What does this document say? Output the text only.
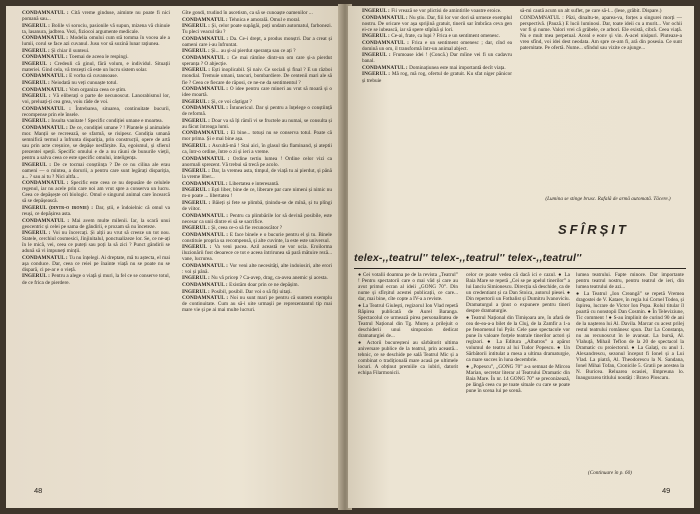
CONDAMNATUL : Cită vreme ginduse, aiminte nu poate fi nici pomană sau...

INGERUL : Bolile vi sorociu, pasionile vă supun, mizena vă chinuie ta, lasanura, jadbrea. Vezi, fiziocoi argumente medicale.

CONDAMNATUL : Modelia omului cum stă tomma în vocea ale a lumii, corul se face azi cuvanul. Jusu vor să sozină lunar rațiunea.

INGERUL : Și chiar il sunteui.

CONDAMNATUL : Toemai de aceea le respingi.

INGERUL : Credeuli că ginul, fără volum, e individul. Situații materiei. Gind cela, vă trezești că este un lucru sistem solar.

CONDAMNATUL : E vorba că cuvansoase.

INGERUL : Neiodată nu veți cunoaște totul.

CONDAMNATUL : Vom organiza ceea ce știm.

INGERUL : Vă eliberați o parte de necunoscut. Lanorabismul lor, voi, preluați-ți cea grea, voiu răde de voi.

CONDAMNATUL : Întrebarea, situarea, continuitate bucurii, recompense prin ele însele.

INGERUL : Insulta vanitate ! Specific condiției umane e moartea.

CONDAMNATUL : De ce, condiției umane ? ! Plantele și animalele mor. Manții se recreează, se sfarmă, se risipesc. Condiția umană semnifică termul a înfrunta dispariția, prin construcții, opere de artă sau prin acte creșnice, se depășe nesfârșite. Ea, egoismul, și sfierul prezentei speții. Specific omului e de a nu răuni de bunurile vieții, pentru a salva ceea ce este specific omului, inteligența.

INGERUL : De ce tocmai conștiința ? De ce nu cilina ale erau oameni — o mintea, a dorurii, a pentru care sunt legărați dispariția, a... ? sau ai tu ? Nici altfa...

CONDAMNATUL : Specific este ceea ce nu depusăre de celulele regenul, iar nu acele prin care noi am vrut spre a conserva un lucru. Ceea ce depășește ori biologic. Omul e singurul animal care încearcă să se depășească.

INGERUL (dintr-o ironie) : Dar, știi, e îndoielnic că omul va reuși, ce depășirea asta.

CONDAMNATUL : Mai avem multe milenii. Iar, la scară unui geocentric și celei pe sama de gândirii, e prozam să nu înceteze.

INGERUL : Voi nu încercați. Și alții au vrut să creeze un tot nou. Statele, cerchiul cosmesici, Jinjinitalul, ponctualizeze lor. Se, ce ne-ați în le mică, vei, ceea ce puteți sau poți la să zici ? Punct gândirii se adună să vi impuneți minții.

CONDAMNATUL : Tu nu înțelegi. Ai dreptate, mă tu aștecta, el mai așa conduce. Dar, ceea ce reiei pe înainte viață nu se poate nu se dispară, ci pe-ar e o vieță.

INGERUL : Pentru a alege o viață și muri, la fel ce se conserve totul, de ce frica de pierdere.

Gîte gondi, trudind în ascetism, ca să se cunoaște oamenilor ...

CONDAMNATUL : Tehnica e amorală. Omul e moral.

INGERUL : Și, celor poate supăgăi, poți undam automatul, farbonezi. Tu pleci veacul tău ?

CONDAMNATUL : Da. Ce-i drept, a produs monștri. Dar a creat și oameni care i-au înfruntat.

INGERUL : Și... au și-ai pierdut speranța sau ce ați ?

CONDAMNATUL : Ce mai rămîne dintr-un om care și-a pierdut speranța ? O abjecție.

INGERUL : Ești inoplicabil. Și naiv. Ce sociali și final ? E un război mondial. Tremuie umani, tancuri, bombardiere. De centenii mari ale să fie ? Ceea ce fiecare de răposi, ce ne-ne da sentimentul ?

CONDAMNATUL : O idee pentru care mineri au vrut să moară și o idee moartă.

INGERUL : Și, ce voi câștigat ?

CONDAMNATUL : Întunericul. Dar și pentru a înțelege o conștiință de reformă.

INGERUL : Doar va să îți rămîi vi se fructele au numai, se consulta și au făcut întreaga lumi.

CONDAMNATUL : Ei bine... totuși nu se conserva totul. Poate că mor prima. Și e mai bine așa.

INGERUL : Ascultă-mă ! Stai aici, în glasul tău flaminand, și ateptii ca, într-o ordine, între o zi și ieri a vreme.

CONDAMNATUL : Ordine tertiu lumea ! Ordine celor vizi ca anormali sprezent. Vă trebui să trecă pe acolo.

INGERUL : Dar, la vremea asta, timpul, de viață tu ai pierdut, și până la vreme liber...

CONDAMNATUL : Libertatea e interesantă.

INGERUL : Ești liber, bine de ce, liberare par care nimeni și nimic nu m-o poate ... libertatea !

INGERUL : Băieți și fete se plimbă, ținindu-se de mînă, și tu plîngi de viitor.

CONDAMNATUL : Pentru ca plimbările lor să devină posibile, este necesar ca unii dintre ei să se sacrifice.

INGERUL : Și, ceea ce-o să fie recunoscător ?

CONDAMNATUL : E face binele e o bucurie pentru el și tu. Binele constituie propria sa recompensă, și alte cuvinte, la este este universul.

INGERUL : Va veni pacea. Azil această ne vor ucia. Eroilorma iluzionării fost deoarece ce tot e aceea întrirunea să pară mătuire reză... vane, lucrurea.

CONDAMNATUL : Vor veni alte necesități, alte indoiosiri, alte erori : voi și până.

INGERUL : Nu vă pricep ? Ca-avep, drag, ca-avea anemic și acesta.

CONDAMNATUL : Existăm doar prin ce ne depășim.

INGERUL : Posibil, posibil. Dar voi o să fiți uitați.

CONDAMNATUL : Noi nu sunt mari pe pentru că suntem exemplu de continuitate. Cum au să-i uite urmașii pe reprezentantul tip mai mare vie și pe ai mai multe lucruri.

48

INGERUL : Fii vrează se vor plictisi de amintirile voastre eroice.

CONDAMNATUL : Nu știu. Dar, fiii lor vor dori să urmeze exemplul nostru. De oricare vor așa sprijină gratuit, tinerii sar îmbrăca ceva gen ei-ce se iubească, iar să spere stîpînă și lori.

INGERUL : Ce-ai, frate, ca lupi ? Frica e un sentiment omenesc.

CONDAMNATUL : Frica e un sentiment omenesc ; dar, cînd ea domină un om, il transformă într-un animal abject.

INGERUL : Frumoase idei ! (Concă.) Dar mîine vei fi un cadavru banal.

CONDAMNATUL : Dominațiunea este mai importantă decît viața.

INGERUL : Mă rog, mă rog, ofertul de gratuit. Ku sfat niger pănicor și trebuie

să-mi caută acum un alt suflet, pe care să-l... (Iese, grăbit. Dispare.)

CONDAMNATUL : Păzi, dinaltu-te, aparea-va, forțes a singurei morți — perspectivă. (Pauză.) E lucii luminosi. Dar, toate ideii cu a murit... Vor ochii vor fi și nume. Valori vrei că grăbele, ce arbori. Ele există, cibră. Ceea viață. Nu e mult mea perpetual. Aceal e eonv și vin. A-acel nisipuri. Pluteaze-a vreo sfînd, voi idei dest neodata. Am spre ce-am fi, ară din posesia. Ce sunt paternitate. Pe ofertă. Nume... sfîndul sau vizite ce ajunge...

(Lumina se stinge brusc. Rafală de armă automată. Tăcere.)
SFÎRȘIT
telex-,,teatrul'' telex-,,teatrul'' telex-,,teatrul''

● Cei votalii doamna pe de la revista „Teatrul” ! Pentru spectatorii care o mai văd și care au avut primul ecran al ideii „GONG 70”. Din nume și sfîrșitul acestei publicații, ce care... dar, mai bine, cîte copte a IV-a a reviste.

● La Teatrul Giuleşti, regizorul Ion Vlad repetă Răpirea publicată de Aurel Baranga. Spectacolul ce urmează pirea personalitatea de Teatrul Național din Tg. Mureș a prilejuit o deschiderii unui simpozion dedicat dramaturgiei de...

● Actorii bucureșteni au sărbătorit ultima aniversare publice de la teatrul, prin această... tehnic, ce se deschide pe sală Teatrul Mic și a combinat o tradițională mare acasă pe ultimele locuri. A obținut premiile ca iubiri, datorit echipa Filarmonicii.

celor ce poate vedea că dacă ici e cazul. ● La Baia Mare se repetă „Cei se pe apelul tinerilor” a lui Ianciu Simionescu. Direcția să deschide, ca de un credentiant și ca Dan Stoica, autorul piesei. ● Din repertorii un Fotbalist și Dumitru Ivanoviciu. Dramaturgul a ţinut o expunere pentru tineri despre dramaturgie.

● Teatrul Național din Timișoara are, în afară de cea de-ea-a-a bilet de la Cluj, de la Zamfir a 1-a pe fenomenul lui Pyăr. Cele șase spectacole vor pune în valoare forțele teatrale tinerilor actori și regizori. ● La Editura „Albatros” a apărut volumul de teatru al lui Tudor Popescu. ● Un Sărbătorii intitulat a mesa a ultima dramaturgie, ca mare succes în luna decembrie.

● „Popescu”, „GONG 70” a-a semnat de Mircea Marian, secretar literar al Teatrului Dramatic din Baia Mare. În nr. 14 GONG 70” se preconizează, pe lângă ceea cu pe toate situale cu care se poate pune în scena lui pe scenă.

lumea teatrului. Fapte minore. Dar importante pentru teatrul nostru, pentru teatrul de ieri, din lumea teatrului de azi...

● La Teatrul „Ion Creangă” se repetă Vremea dragostei de V. Kataev, în regia lui Cornel Todea, și Ispirea, lucrare de Victor Ion Popa. Rolul titular îl poartă cu nonstopii Dan Cosmin. ● În Televiziune, Tic comment ! ● S-au împlinit de curind 90 de ani de la nașterea lui Al. Davila. Marcar cu acest prilej restul teatrului românesc spun. Dar La Constanța, nu au recunoscut în le avansat. La bursă, Al. Vlahuță, Mihail Teflon de la 20 de spectacol la Dramatic cu proiectorul. ● La Galați, cu anul 1. Alexandrescu, sezonul început fi Ionel și a Lui Vlad. La piatră, Al. Theodorescu la N. Sandana, Ionel Mihai Tofan, Cronicile 5. Gratii pe acestea la N. Buricea. Reluarea ocasiei, lîmpreuna lo. Inaugurarea titlului noutăți : Bravo Ploscaru.

(Continuare în p. 60)
49
